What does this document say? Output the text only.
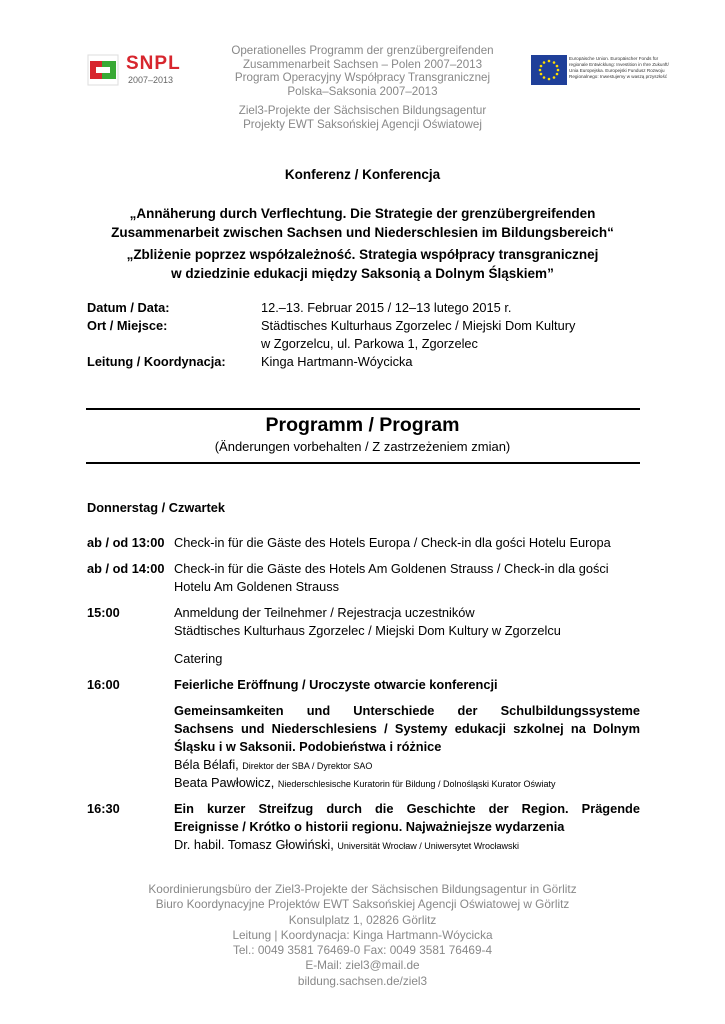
SNPL
2007–2013
Operationelles Programm der grenzübergreifenden
Zusammenarbeit Sachsen – Polen 2007–2013
Program Operacyjny Współpracy Transgranicznej
Polska–Saksonia 2007–2013
Ziel3-Projekte der Sächsischen Bildungsagentur
Projekty EWT Saksońskiej Agencji Oświatowej
Europäische Union. Europäischer Fonds für
regionale Entwicklung: Investition in Ihre Zukunft/
Unia Europejska. Europejski Fundusz Rozwoju
Regionalnego: Inwestujemy w waszą przyszłość
Konferenz / Konferencja
„Annäherung durch Verflechtung. Die Strategie der grenzübergreifenden
Zusammenarbeit zwischen Sachsen und Niederschlesien im Bildungsbereich“
„Zbliżenie poprzez współzależność. Strategia współpracy transgranicznej
w dziedzinie edukacji między Saksonią a Dolnym Śląskiem”
Datum / Data:	12.–13. Februar 2015 / 12–13 lutego 2015 r.
Ort / Miejsce:	Städtisches Kulturhaus Zgorzelec / Miejski Dom Kultury
w Zgorzelcu, ul. Parkowa 1, Zgorzelec
Leitung / Koordynacja:	Kinga Hartmann-Wóycicka
Programm / Program
(Änderungen vorbehalten / Z zastrzeżeniem zmian)
Donnerstag / Czwartek
ab / od 13:00 Check-in für die Gäste des Hotels Europa / Check-in dla gości Hotelu Europa
ab / od 14:00 Check-in für die Gäste des Hotels Am Goldenen Strauss / Check-in dla gości
Hotelu Am Goldenen Strauss
15:00	Anmeldung der Teilnehmer / Rejestracja uczestników
Städtisches Kulturhaus Zgorzelec / Miejski Dom Kultury w Zgorzelcu
Catering
16:00	Feierliche Eröffnung / Uroczyste otwarcie konferencji
Gemeinsamkeiten und Unterschiede der Schulbildungssysteme
Sachsens und Niederschlesiens / Systemy edukacji szkolnej na Dolnym
Śląsku i w Saksonii. Podobieństwa i różnice
Béla Bélafi, Direktor der SBA / Dyrektor SAO
Beata Pawłowicz, Niederschlesische Kuratorin für Bildung / Dolnośląski Kurator Oświaty
16:30	Ein kurzer Streifzug durch die Geschichte der Region. Prägende
Ereignisse / Krótko o historii regionu. Najważniejsze wydarzenia
Dr. habil. Tomasz Głowiński, Universität Wrocław / Uniwersytet Wrocławski
Koordinierungsbüro der Ziel3-Projekte der Sächsischen Bildungsagentur in Görlitz
Biuro Koordynacyjne Projektów EWT Saksońskiej Agencji Oświatowej w Görlitz
Konsulplatz 1, 02826 Görlitz
Leitung | Koordynacja: Kinga Hartmann-Wóycicka
Tel.: 0049 3581 76469-0 Fax: 0049 3581 76469-4
E-Mail: ziel3@mail.de
bildung.sachsen.de/ziel3
